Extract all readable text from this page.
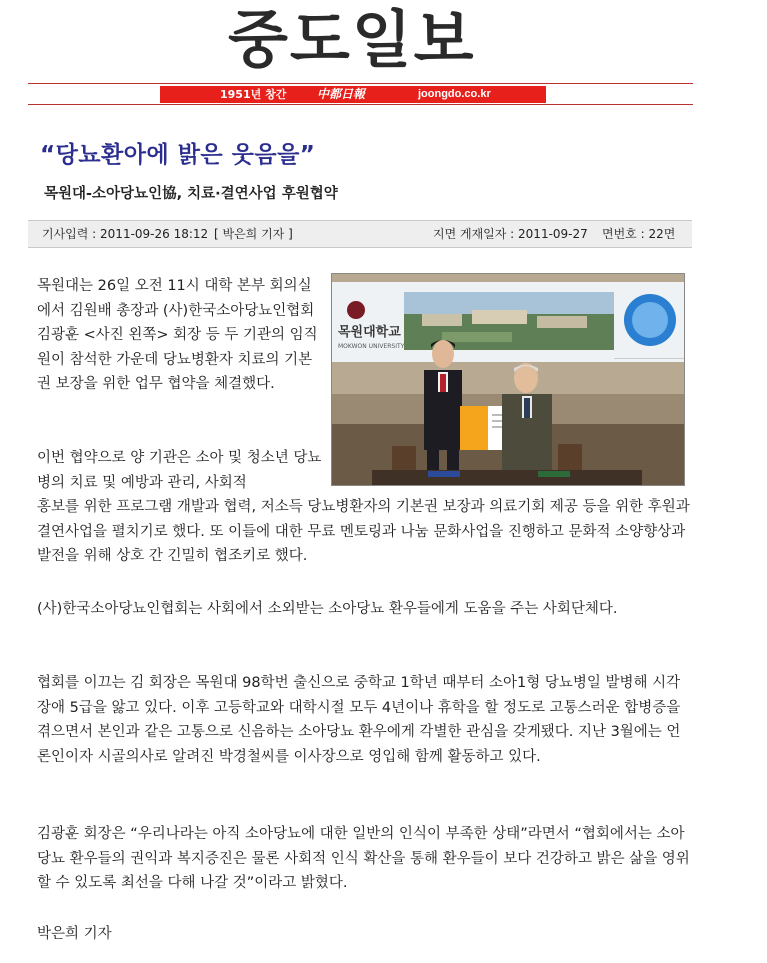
중도일보
1951년 창간	中都日報	joongdo.co.kr
“당뇨환아에 밝은 웃음을”
목원대-소아당뇨인協, 치료·결연사업 후원협약
기사입력 : 2011-09-26 18:12 [ 박은희 기자 ]	지면 게재일자 : 2011-09-27 면번호 : 22면
목원대학교
MOKWON UNIVERSITY
목원대는 26일 오전 11시 대학 본부 회의실에서 김원배 총장과 (사)한국소아당뇨인협회 김광훈 <사진 왼쪽> 회장 등 두 기관의 임직원이 참석한 가운데 당뇨병환자 치료의 기본권 보장을 위한 업무 협약을 체결했다.
이번 협약으로 양 기관은 소아 및 청소년 당뇨병의 치료 및 예방과 관리, 사회적
홍보를 위한 프로그램 개발과 협력, 저소득 당뇨병환자의 기본권 보장과 의료기회 제공 등을 위한 후원과 결연사업을 펼치기로 했다. 또 이들에 대한 무료 멘토링과 나눔 문화사업을 진행하고 문화적 소양향상과 발전을 위해 상호 간 긴밀히 협조키로 했다.
(사)한국소아당뇨인협회는 사회에서 소외받는 소아당뇨 환우들에게 도움을 주는 사회단체다.
협회를 이끄는 김 회장은 목원대 98학번 출신으로 중학교 1학년 때부터 소아1형 당뇨병일 발병해 시각장애 5급을 앓고 있다. 이후 고등학교와 대학시절 모두 4년이나 휴학을 할 정도로 고통스러운 합병증을 겪으면서 본인과 같은 고통으로 신음하는 소아당뇨 환우에게 각별한 관심을 갖게됐다. 지난 3월에는 언론인이자 시골의사로 알려진 박경철씨를 이사장으로 영입해 함께 활동하고 있다.
김광훈 회장은 “우리나라는 아직 소아당뇨에 대한 일반의 인식이 부족한 상태”라면서 “협회에서는 소아당뇨 환우들의 권익과 복지증진은 물론 사회적 인식 확산을 통해 환우들이 보다 건강하고 밝은 삶을 영위할 수 있도록 최선을 다해 나갈 것”이라고 밝혔다.
박은희 기자
